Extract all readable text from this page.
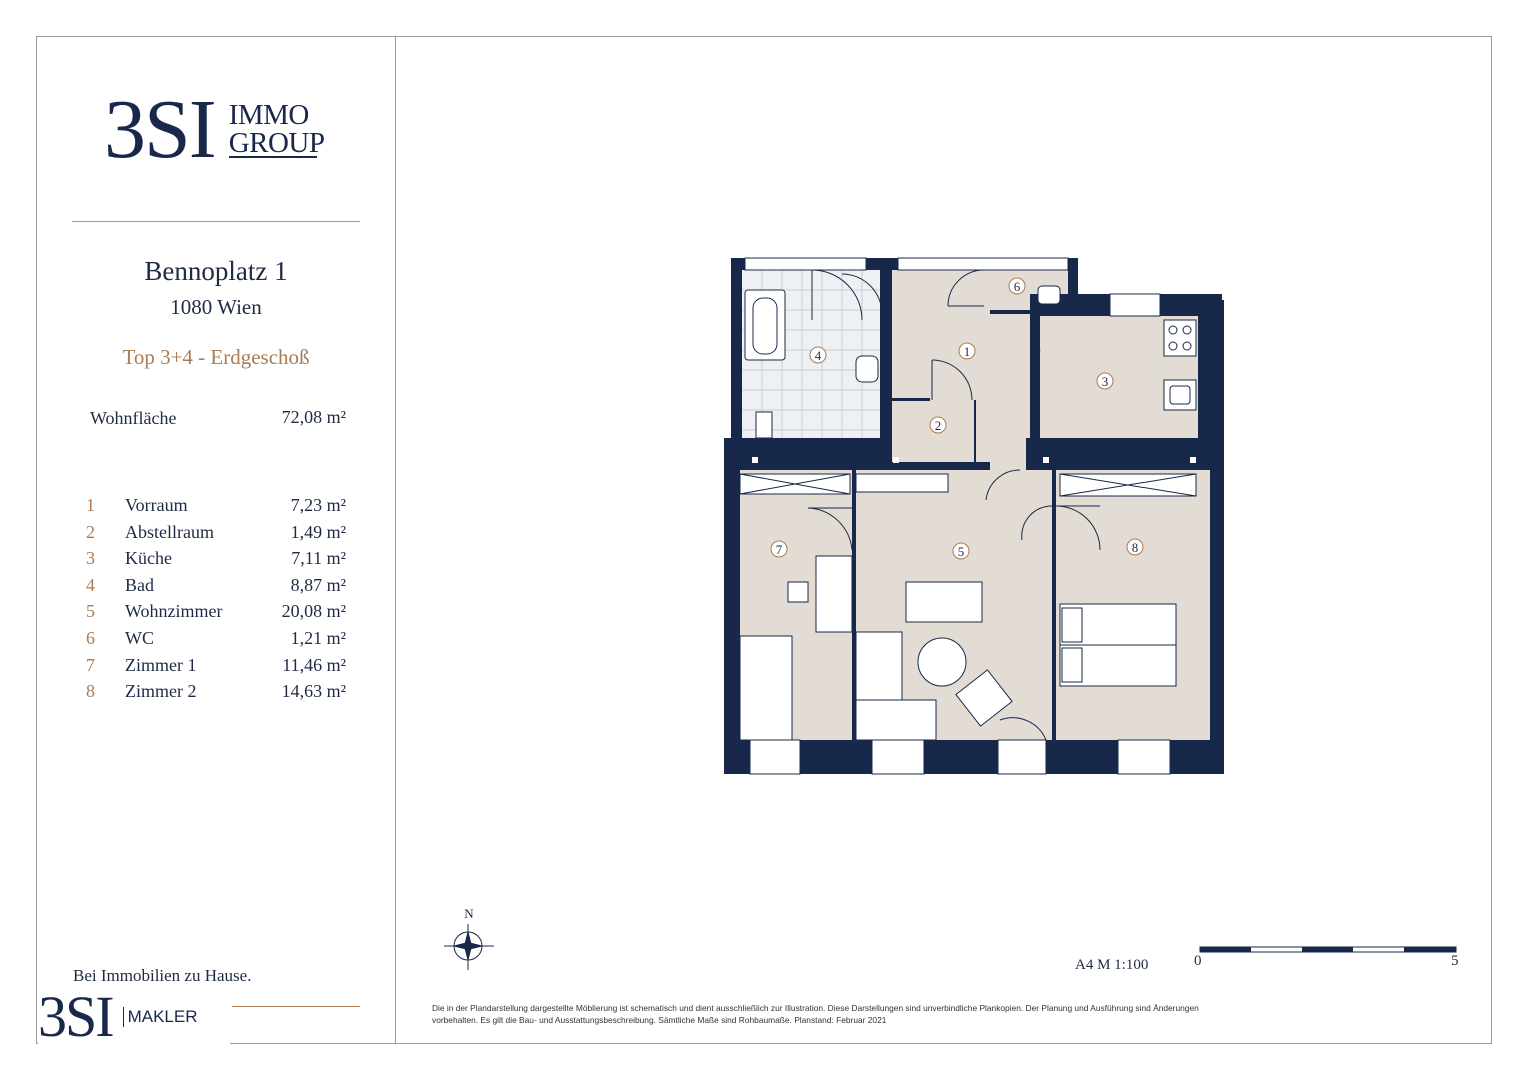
3SI IMMO
GROUP
Bennoplatz 1
1080 Wien
Top 3+4 - Erdgeschoß
Wohnfläche	72,08 m²
1 Vorraum	7,23 m²
2 Abstellraum	1,49 m²
3 Küche	7,11 m²
4 Bad	8,87 m²
5 Wohnzimmer	20,08 m²
6 WC	1,21 m²
7 Zimmer 1	11,46 m²
8 Zimmer 2	14,63 m²
Bei Immobilien zu Hause.
3SI MAKLER
1
2
3
4
5
6
7	8
N
A4 M 1:100	0	5
Die in der Plandarstellung dargestellte Möblierung ist schematisch und dient ausschließlich zur Illustration. Diese Darstellungen sind unverbindliche Plankopien. Der Planung und Ausführung sind Änderungen vorbehalten. Es gilt die Bau- und Ausstattungsbeschreibung. Sämtliche Maße sind Rohbaumaße. Planstand: Februar 2021
